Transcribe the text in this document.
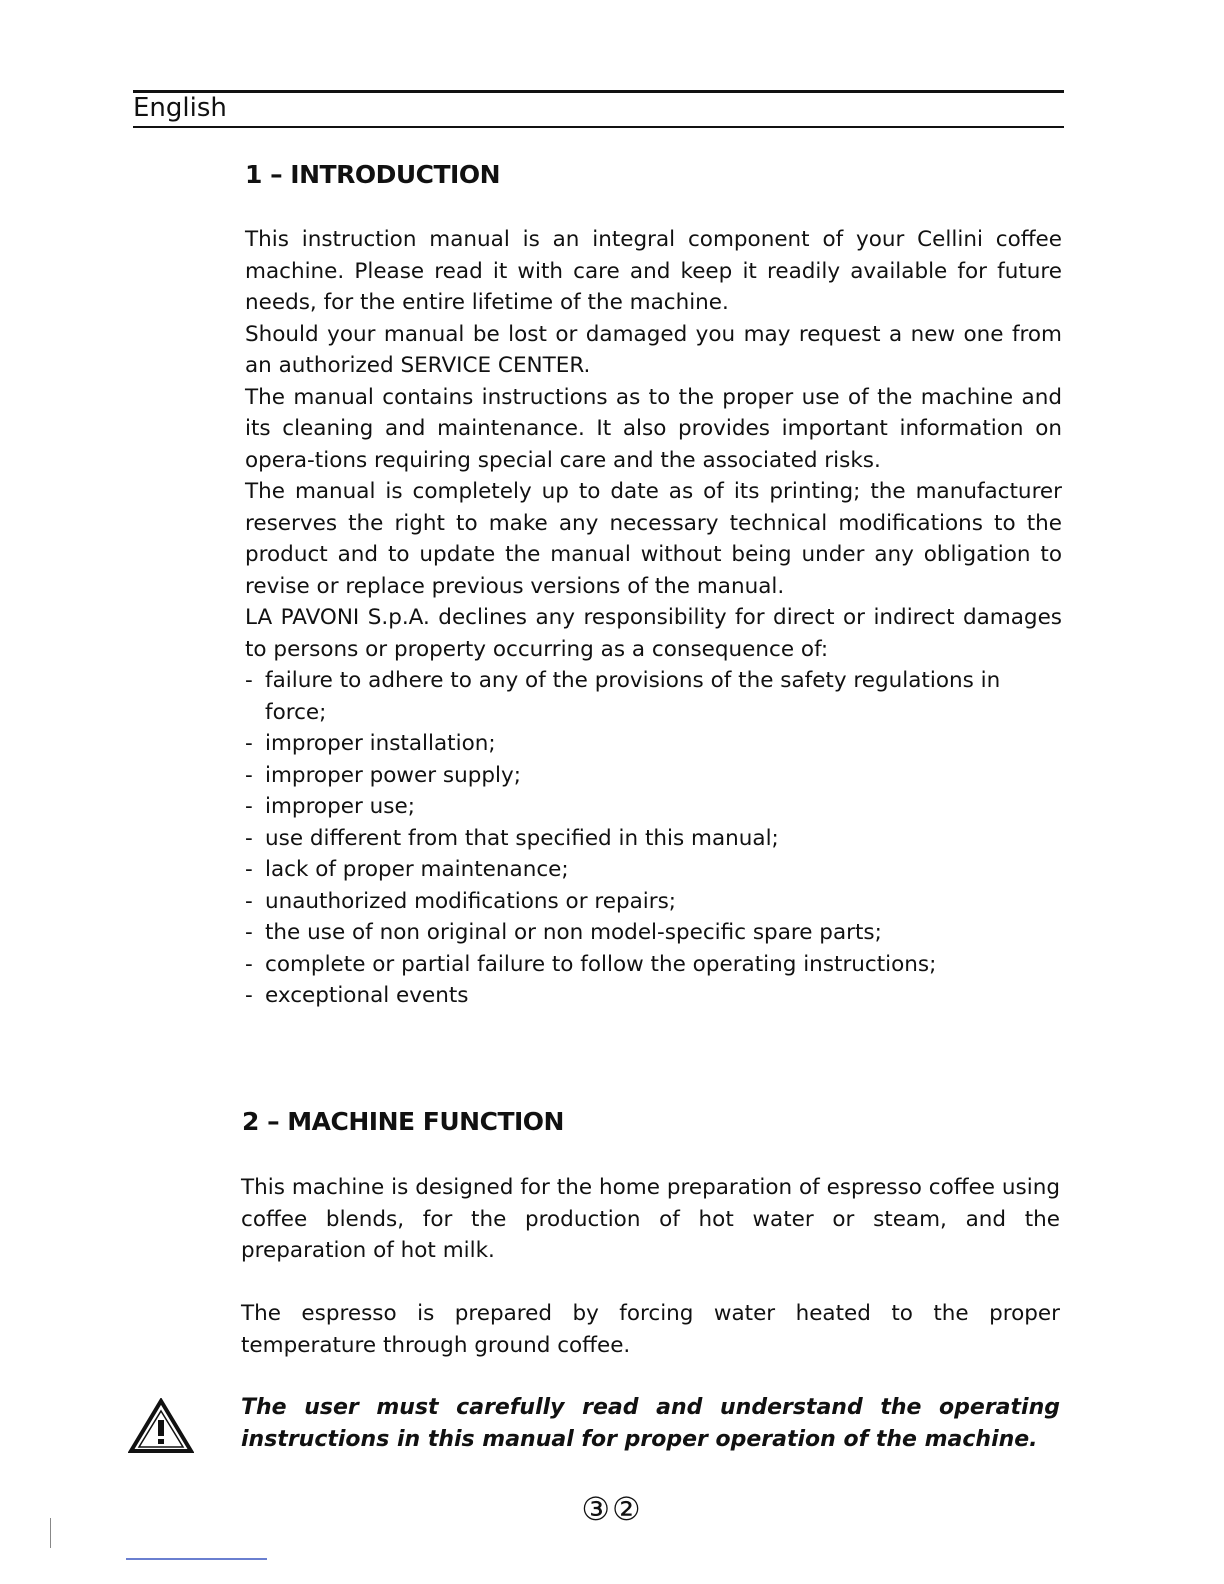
English
1 – INTRODUCTION

This instruction manual is an integral component of your Cellini coffee machine. Please read it with care and keep it readily available for future needs, for the entire lifetime of the machine.

Should your manual be lost or damaged you may request a new one from an authorized SERVICE CENTER.

The manual contains instructions as to the proper use of the machine and its cleaning and maintenance. It also provides important information on opera-tions requiring special care and the associated risks.

The manual is completely up to date as of its printing; the manufacturer reserves the right to make any necessary technical modifications to the product and to update the manual without being under any obligation to revise or replace previous versions of the manual.

LA PAVONI S.p.A. declines any responsibility for direct or indirect damages to persons or property occurring as a consequence of:

- failure to adhere to any of the provisions of the safety regulations in force;
- improper installation;
- improper power supply;
- improper use;
- use different from that specified in this manual;
- lack of proper maintenance;
- unauthorized modifications or repairs;
- the use of non original or non model-specific spare parts;
- complete or partial failure to follow the operating instructions;
- exceptional events
2 – MACHINE FUNCTION
This machine is designed for the home preparation of espresso coffee using coffee blends, for the production of hot water or steam, and the preparation of hot milk.
The espresso is prepared by forcing water heated to the proper temperature through ground coffee.
The user must carefully read and understand the operating instructions in this manual for proper operation of the machine.
③②
